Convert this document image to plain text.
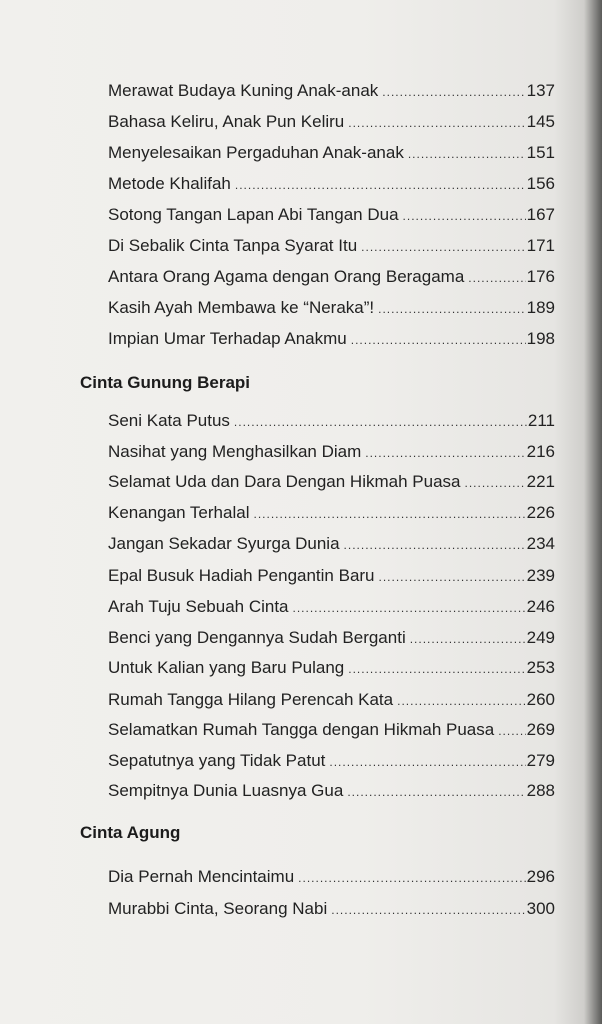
Merawat Budaya Kuning Anak-anak .....	137
Bahasa Keliru, Anak Pun Keliru .....	145
Menyelesaikan Pergaduhan Anak-anak .....	151
Metode Khalifah .....	156
Sotong Tangan Lapan Abi Tangan Dua .....	167
Di Sebalik Cinta Tanpa Syarat Itu .....	171
Antara Orang Agama dengan Orang Beragama .....	176
Kasih Ayah Membawa ke “Neraka”! .....	189
Impian Umar Terhadap Anakmu .....	198
Cinta Gunung Berapi
Seni Kata Putus .....	211
Nasihat yang Menghasilkan Diam .....	216
Selamat Uda dan Dara Dengan Hikmah Puasa .....	221
Kenangan Terhalal .....	226
Jangan Sekadar Syurga Dunia .....	234
Epal Busuk Hadiah Pengantin Baru .....	239
Arah Tuju Sebuah Cinta .....	246
Benci yang Dengannya Sudah Berganti .....	249
Untuk Kalian yang Baru Pulang .....	253
Rumah Tangga Hilang Perencah Kata .....	260
Selamatkan Rumah Tangga dengan Hikmah Puasa ..... 269
Sepatutnya yang Tidak Patut .....	279
Sempitnya Dunia Luasnya Gua .....	288
Cinta Agung
Dia Pernah Mencintaimu .....	296
Murabbi Cinta, Seorang Nabi .....	300
